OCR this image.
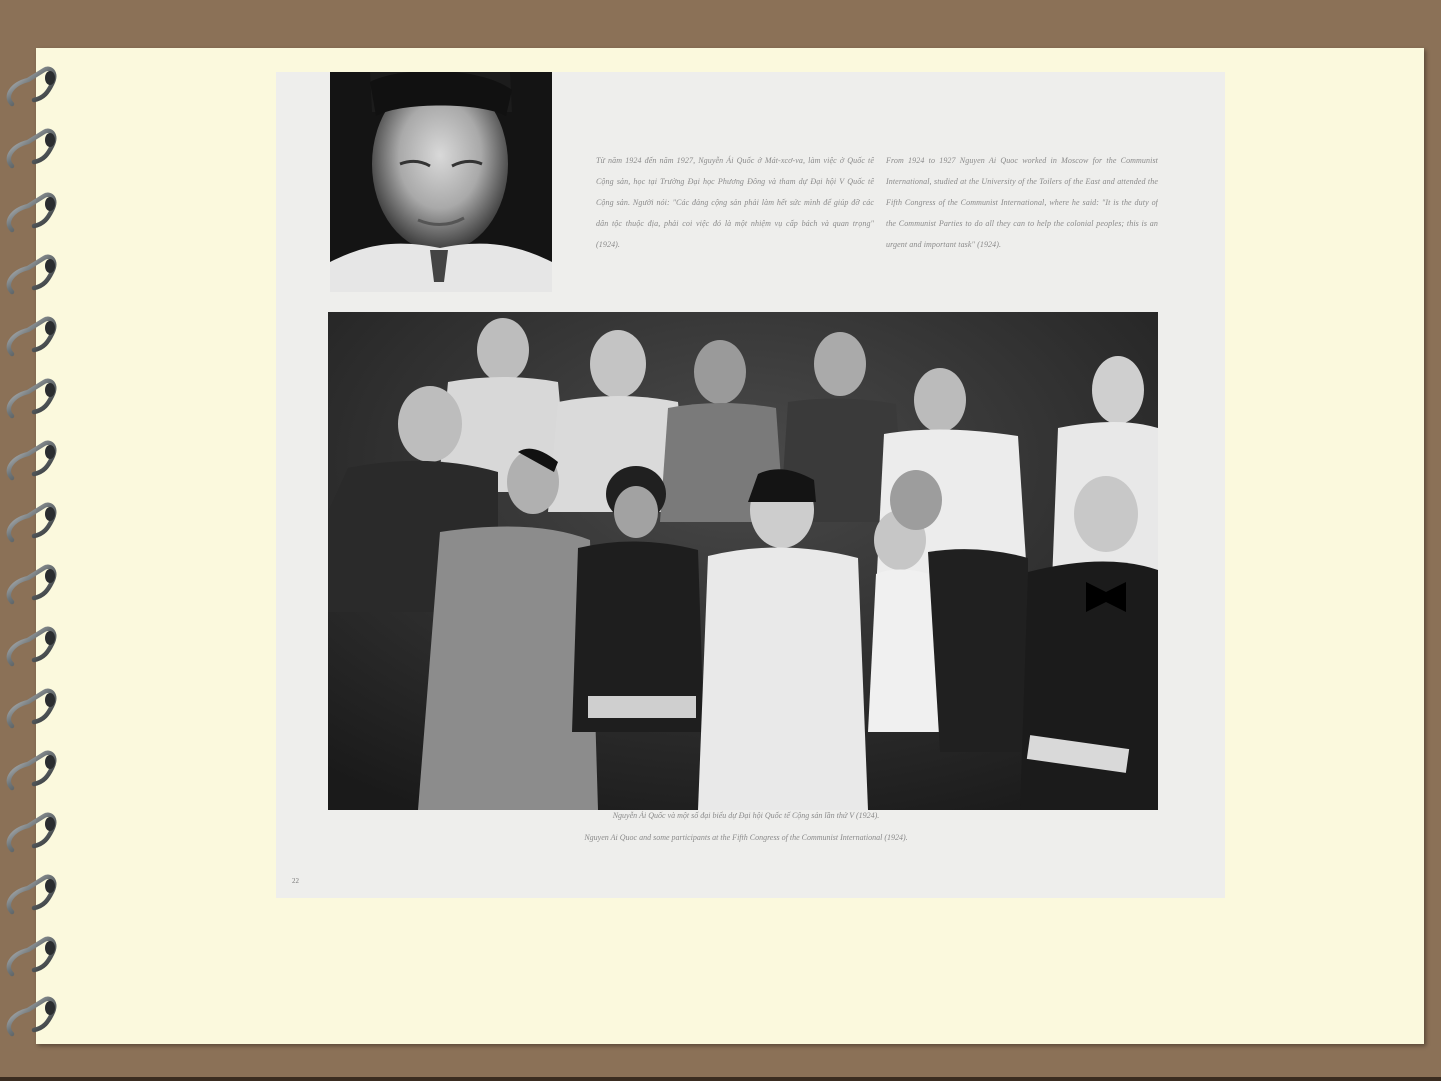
Từ năm 1924 đến năm 1927, Nguyễn Ái Quốc ở Mát-xcơ-va, làm việc ở Quốc tế Cộng sản, học tại Trường Đại học Phương Đông và tham dự Đại hội V Quốc tế Cộng sản. Người nói: "Các đảng cộng sản phải làm hết sức mình để giúp đỡ các dân tộc thuộc địa, phải coi việc đó là một nhiệm vụ cấp bách và quan trọng" (1924).
From 1924 to 1927 Nguyen Ai Quoc worked in Moscow for the Communist International, studied at the University of the Toilers of the East and attended the Fifth Congress of the Communist International, where he said: "It is the duty of the Communist Parties to do all they can to help the colonial peoples; this is an urgent and important task" (1924).
Nguyễn Ái Quốc và một số đại biểu dự Đại hội Quốc tế Cộng sản lần thứ V (1924).
Nguyen Ai Quoc and some participants at the Fifth Congress of the Communist International (1924).
22
